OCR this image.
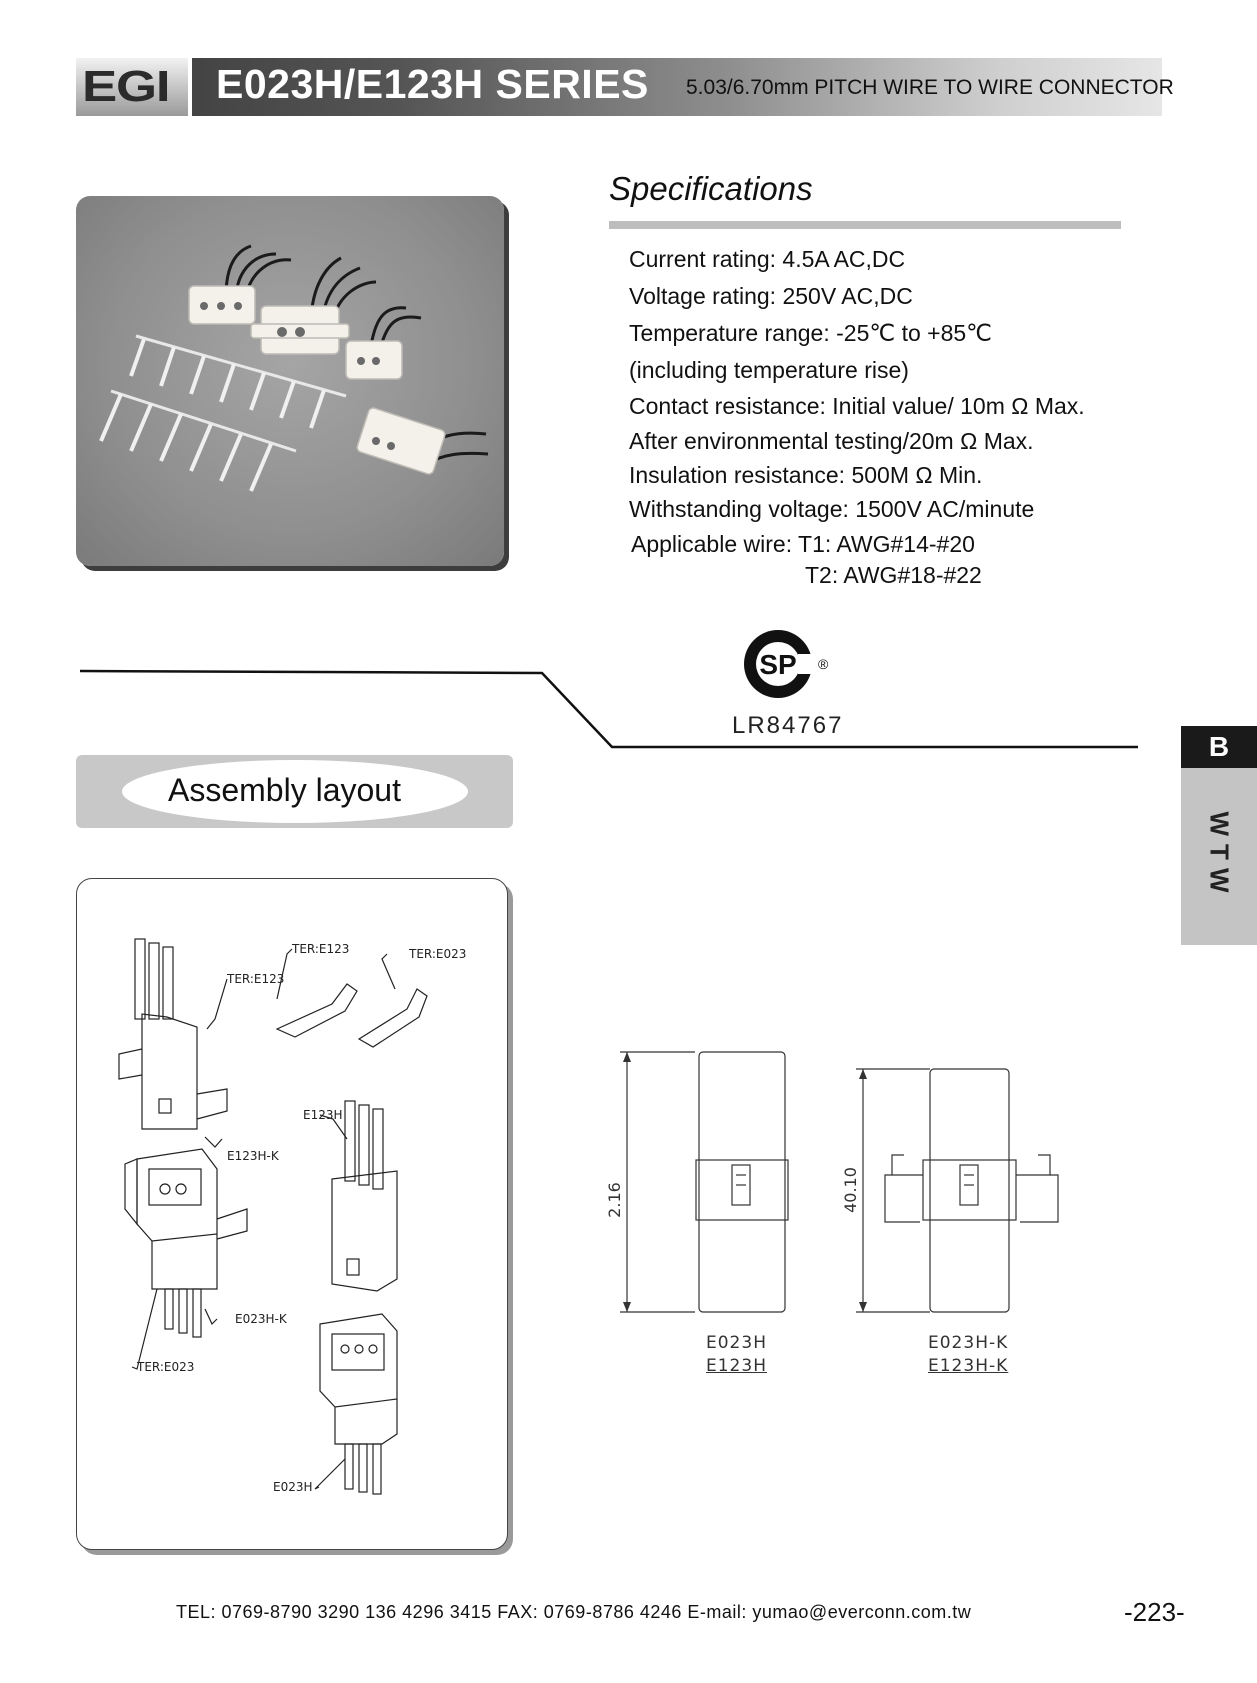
EGI E023H/E123H SERIES 5.03/6.70mm PITCH WIRE TO WIRE CONNECTOR
Specifications
Current rating: 4.5A AC,DC
Voltage rating: 250V AC,DC
Temperature range: -25℃ to +85℃
(including temperature rise)
Contact resistance: Initial value/ 10m Ω Max.
After environmental testing/20m Ω Max.
Insulation resistance: 500M Ω Min.
Withstanding voltage: 1500V AC/minute
Applicable wire: T1: AWG#14-#20
T2: AWG#18-#22
SP ®
LR84767
Assembly layout
TER:E123
TER:E123	TER:E023
E123H-K
E123H
E023H-K
TER:E023
E023H
2.16	40.10
E023H
E123H
E023H-K
E123H-K
B
WTW
TEL: 0769-8790 3290 136 4296 3415 FAX: 0769-8786 4246 E-mail: yumao@everconn.com.tw	-223-
